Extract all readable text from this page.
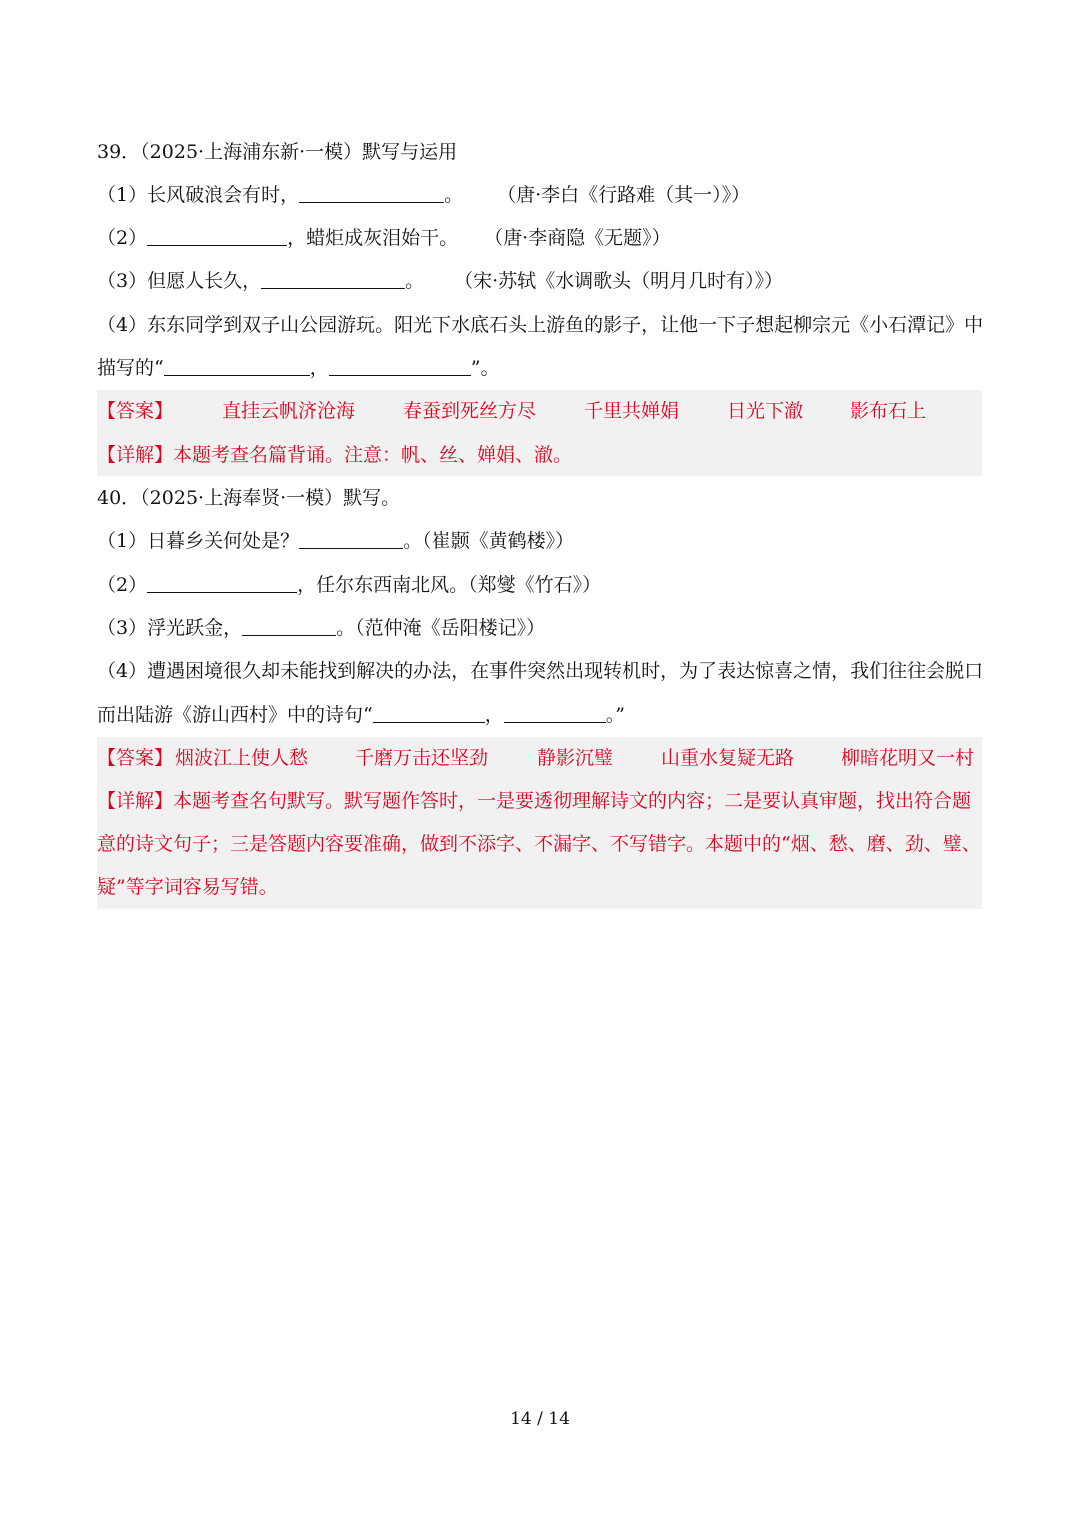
39．（2025·上海浦东新·一模）默写与运用
（1）长风破浪会有时，	。 （唐·李白《行路难（其一）》）
（2）	，蜡炬成灰泪始干。 （唐·李商隐《无题》）
（3）但愿人长久，	。 （宋·苏轼《水调歌头（明月几时有）》）
（4）东东同学到双子山公园游玩。阳光下水底石头上游鱼的影子，让他一下子想起柳宗元《小石潭记》中
描写的“	，	”。
【答案】	直挂云帆济沧海	春蚕到死丝方尽	千里共婵娟	日光下澈 影布石上
【详解】本题考查名篇背诵。注意：帆、丝、婵娟、澈。
40．（2025·上海奉贤·一模）默写。
（1）日暮乡关何处是？	。（崔颢《黄鹤楼》）
（2）	，任尔东西南北风。（郑燮《竹石》）
（3）浮光跃金，	。（范仲淹《岳阳楼记》）
（4）遭遇困境很久却未能找到解决的办法，在事件突然出现转机时，为了表达惊喜之情，我们往往会脱口
而出陆游《游山西村》中的诗句“	，	。”
【答案】 烟波江上使人愁 千磨万击还坚劲	静影沉璧	山重水复疑无路 柳暗花明又一村
【详解】本题考查名句默写。默写题作答时，一是要透彻理解诗文的内容；二是要认真审题，找出符合题
意的诗文句子；三是答题内容要准确，做到不添字、不漏字、不写错字。本题中的“烟、愁、磨、劲、璧、
疑”等字词容易写错。
14 / 14
